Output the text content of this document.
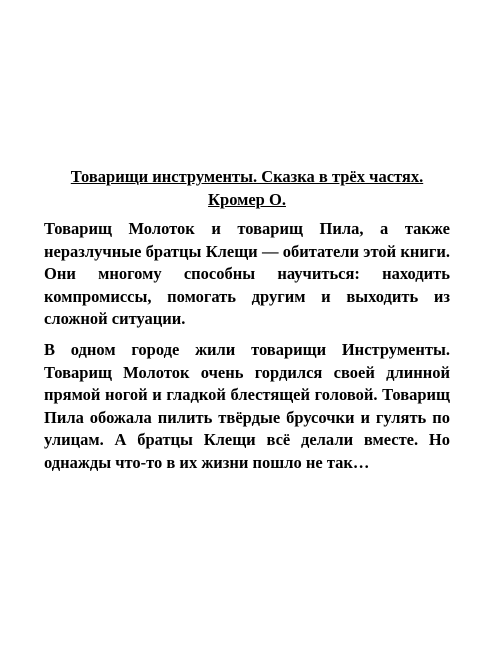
Товарищи инструменты. Сказка в трёх частях. Кромер О.

Товарищ Молоток и товарищ Пила, а также неразлучные братцы Клещи — обитатели этой книги. Они многому способны научиться: находить компромиссы, помогать другим и выходить из сложной ситуации.

В одном городе жили товарищи Инструменты. Товарищ Молоток очень гордился своей длинной прямой ногой и гладкой блестящей головой. Товарищ Пила обожала пилить твёрдые брусочки и гулять по улицам. А братцы Клещи всё делали вместе. Но однажды что-то в их жизни пошло не так…
